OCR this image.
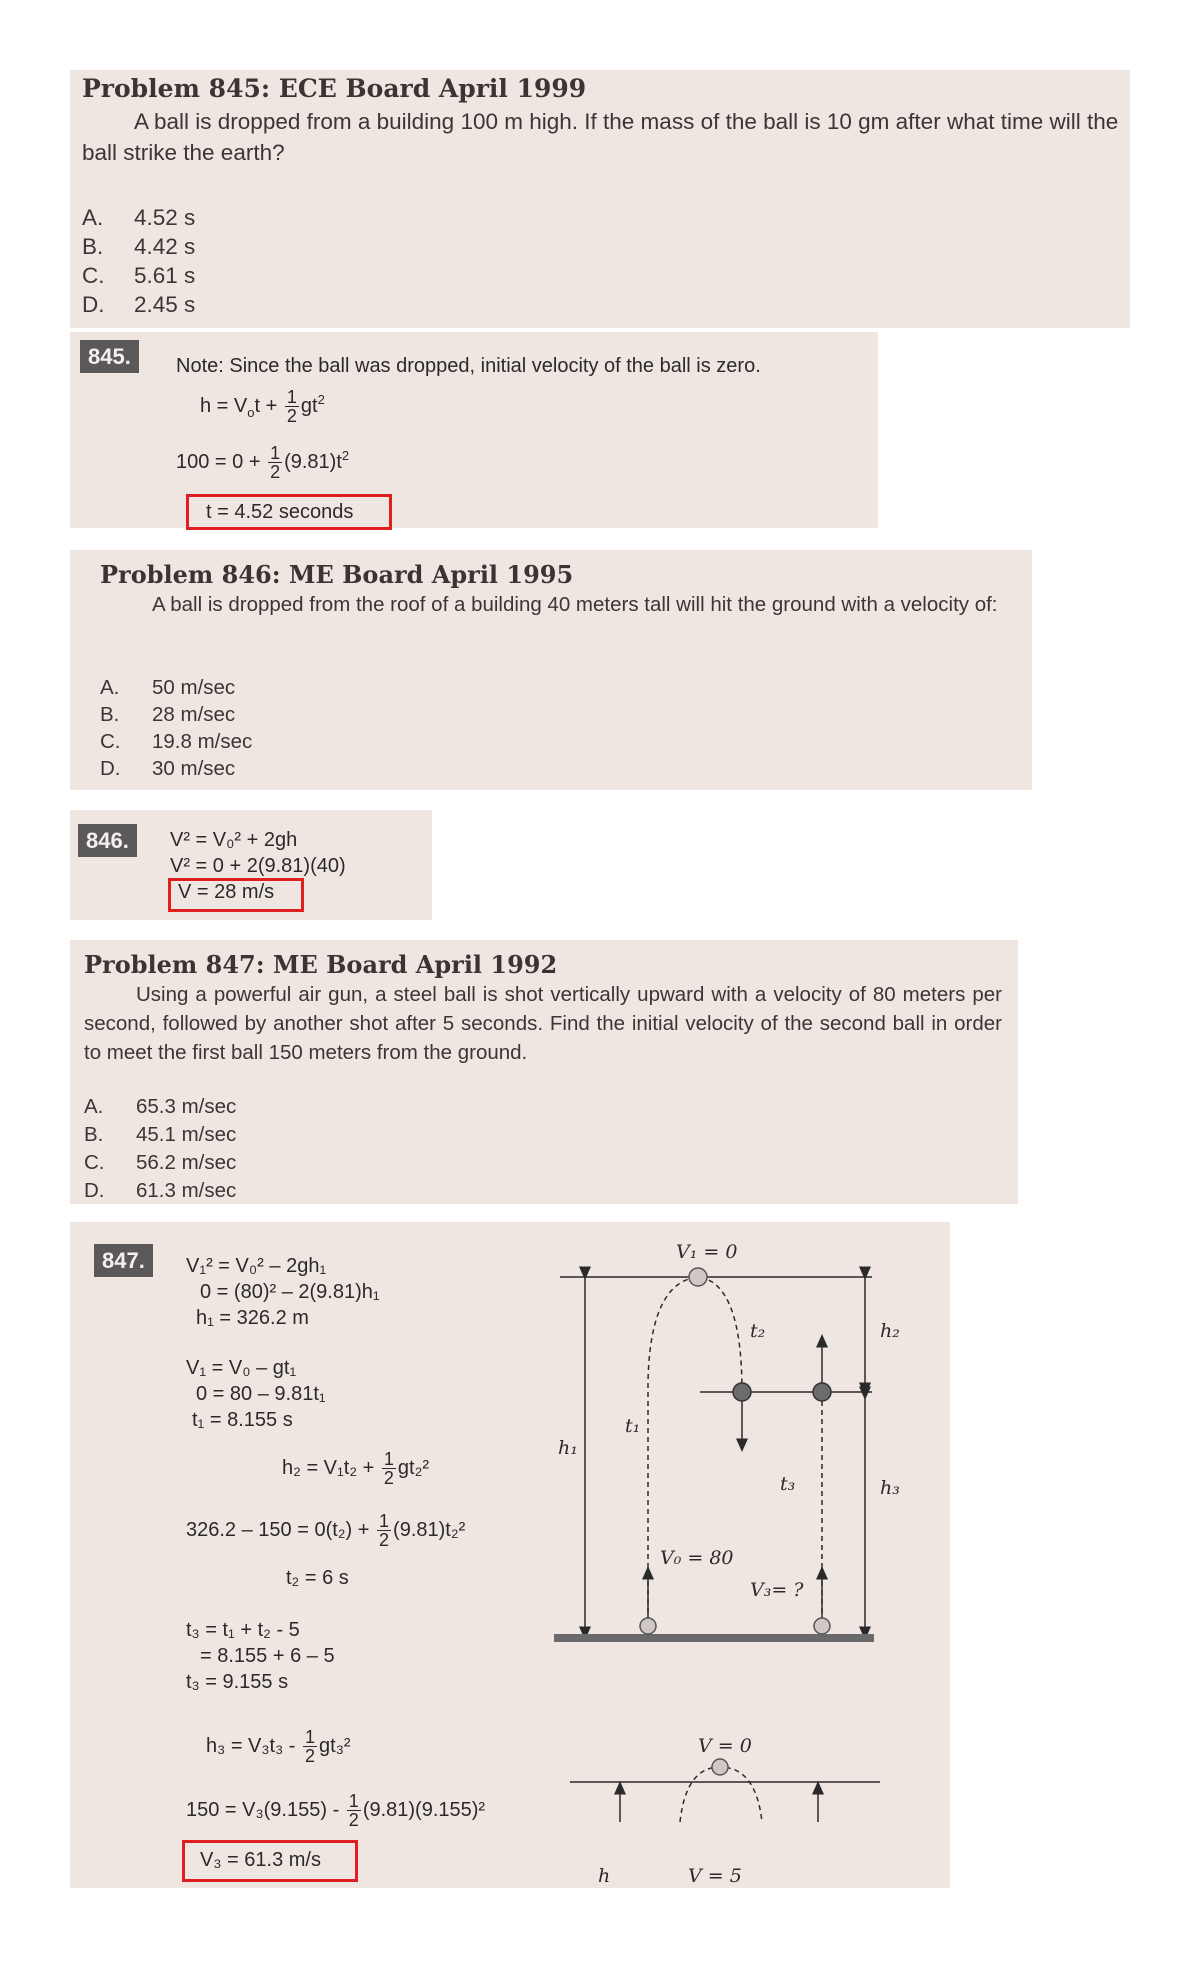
Problem 845: ECE Board April 1999
A ball is dropped from a building 100 m high. If the mass of the ball is 10 gm after what time will the ball strike the earth?
A. 4.52 s
B. 4.42 s
C. 5.61 s
D. 2.45 s
845.	Note: Since the ball was dropped, initial velocity of the ball is zero.
$h = V_ot + \frac{1}{2} gt^2$
$100 = 0 + \frac{1}{2} (9.81)t^2$
t = 4.52 seconds
Problem 846: ME Board April 1995
A ball is dropped from the roof of a building 40 meters tall will hit the ground with a velocity of:
A. 50 m/sec
B. 28 m/sec
C. 19.8 m/sec
D. 30 m/sec
846.	V² = V₀² + 2gh
V² = 0 + 2(9.81)(40)
V = 28 m/s
Problem 847: ME Board April 1992
Using a powerful air gun, a steel ball is shot vertically upward with a velocity of 80 meters per second, followed by another shot after 5 seconds. Find the initial velocity of the second ball in order to meet the first ball 150 meters from the ground.
A. 65.3 m/sec
B. 45.1 m/sec
C. 56.2 m/sec
D. 61.3 m/sec
847.	V₁² = V₀² – 2gh₁
0 = (80)² – 2(9.81)h₁
h₁ = 326.2 m
V₁ = V₀ – gt₁
0 = 80 – 9.81t₁
t₁ = 8.155 s
$h_2 = V_1t_2 + \frac{1}{2} gt_2^2$
$326.2 - 150 = 0(t_2) + \frac{1}{2} (9.81)t_2^2$
t₂ = 6 s
t₃ = t₁ + t₂ - 5
= 8.155 + 6 – 5
t₃ = 9.155 s
$h_3 = V_3t_3 - \frac{1}{2} gt_3^2$
$150 = V_3(9.155) - \frac{1}{2} (9.81)(9.155)^2$
V₃ = 61.3 m/s
V₁ = 0
t₂	h₂
t₁
h₁
t₃	h₃
V₀ = 80
V₃= ?
V = 0
h	V = 5
